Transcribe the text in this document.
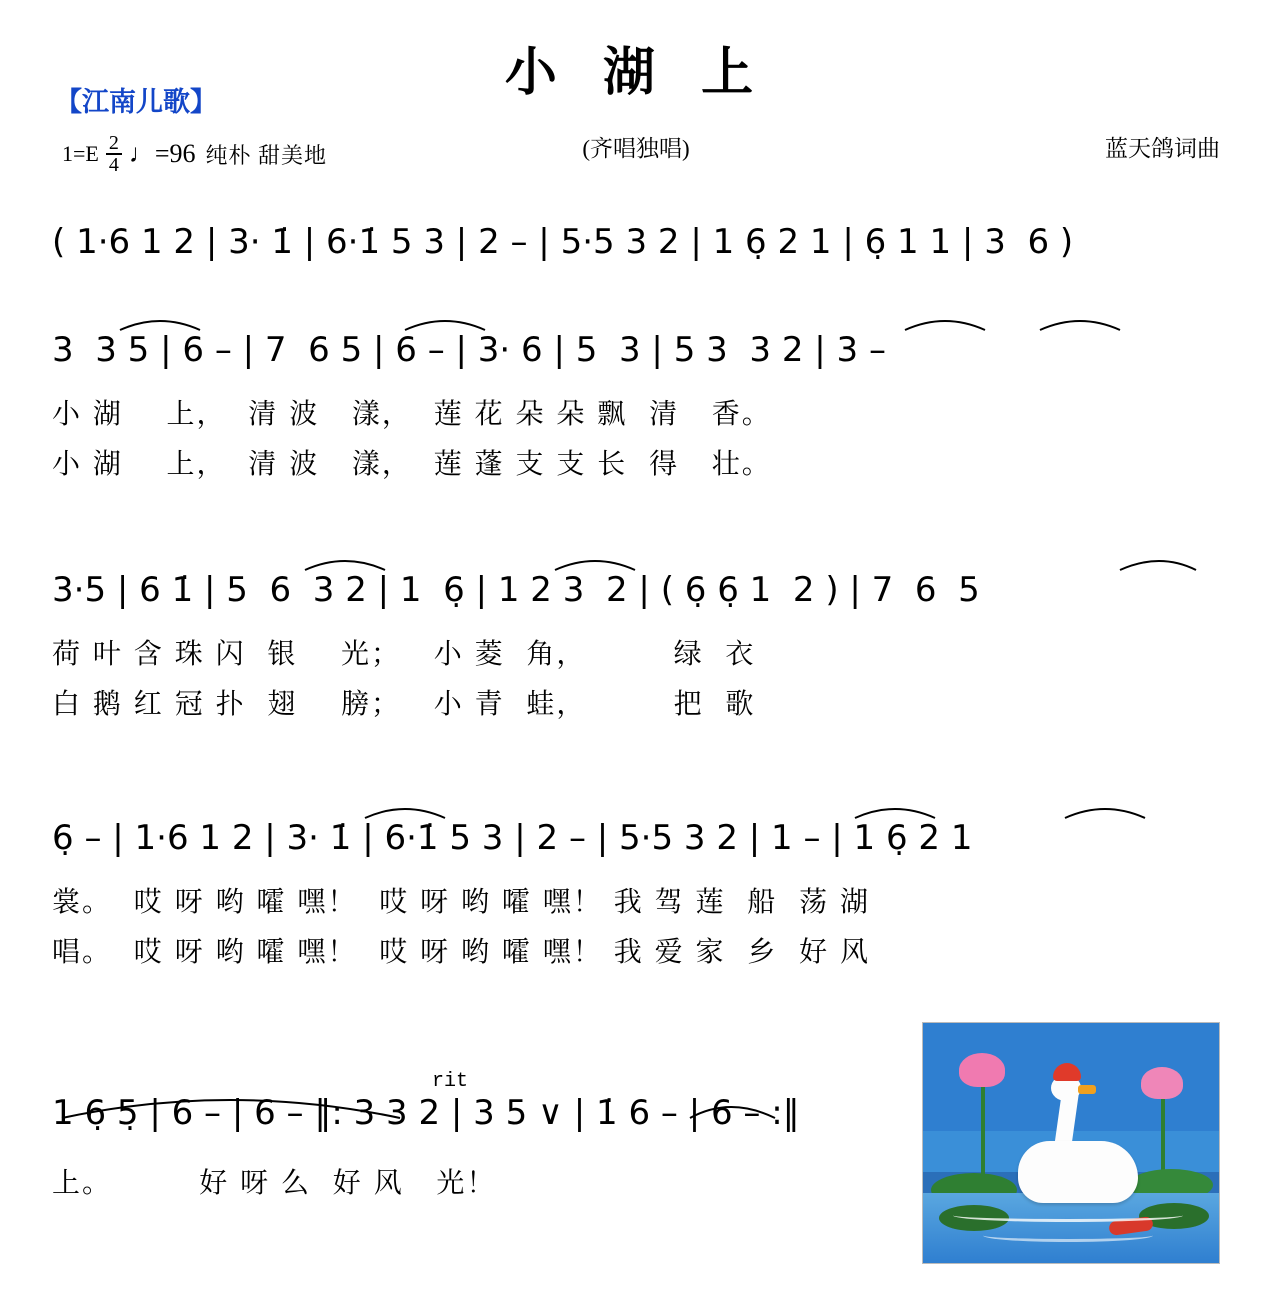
小 湖 上
【江南儿歌】
(齐唱独唱)	蓝天鸽词曲
$1=E \frac{2}{4}$ ♩=96 纯朴 甜美地
( 1·6 1 2 | 3· 1̇ | 6·1̇ 5 3 | 2 – | 5·5 3 2 | 1 6̣ 2 1 | 6̣ 1 1 | 3  6 )
3  3 5 | 6 – | 7  6 5 | 6 – | 3· 6 | 5  3 | 5 3  3 2 | 3 –
小 湖    上，  清 波   漾，  莲 花 朵 朵 飘  清   香。
小 湖    上，  清 波   漾，  莲 蓬 支 支 长  得   壮。
3·5 | 6 1̇ | 5  6  3 2 | 1  6̣ | 1 2 3  2 | ( 6̣ 6̣ 1  2 ) | 7  6  5
荷 叶 含 珠 闪  银    光；   小 菱  角，        绿  衣
白 鹅 红 冠 扑  翅    膀；   小 青  蛙，        把  歌
6̣ – | 1·6 1 2 | 3· 1̇ | 6·1̇ 5 3 | 2 – | 5·5 3 2 | 1 – | 1 6̣ 2 1
裳。  哎 呀 哟 嚯 嘿！  哎 呀 哟 嚯 嘿！ 我 驾 莲  船  荡 湖
唱。  哎 呀 哟 嚯 嘿！  哎 呀 哟 嚯 嘿！ 我 爱 家  乡  好 风
rit
1 6̣ 5̣ | 6 – | 6 – ‖: 3 3 2 | 3 5 ∨ | 1̇ 6 – | 6 – :‖
上。        好 呀 么  好 风   光！
